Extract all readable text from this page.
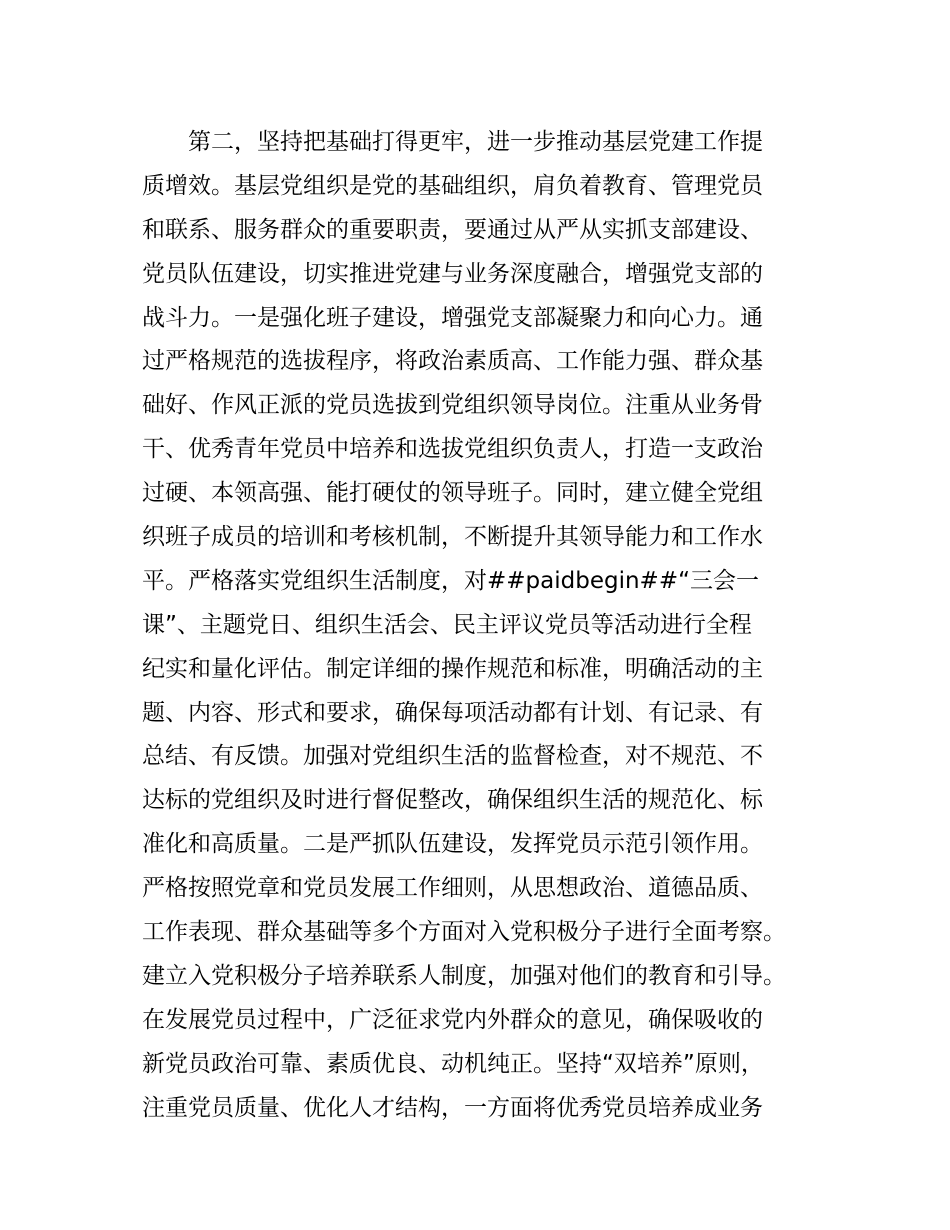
第二，坚持把基础打得更牢，进一步推动基层党建工作提
质增效。基层党组织是党的基础组织，肩负着教育、管理党员
和联系、服务群众的重要职责，要通过从严从实抓支部建设、
党员队伍建设，切实推进党建与业务深度融合，增强党支部的
战斗力。一是强化班子建设，增强党支部凝聚力和向心力。通
过严格规范的选拔程序，将政治素质高、工作能力强、群众基
础好、作风正派的党员选拔到党组织领导岗位。注重从业务骨
干、优秀青年党员中培养和选拔党组织负责人，打造一支政治
过硬、本领高强、能打硬仗的领导班子。同时，建立健全党组
织班子成员的培训和考核机制，不断提升其领导能力和工作水
平。严格落实党组织生活制度，对##paidbegin##“三会一
课”、主题党日、组织生活会、民主评议党员等活动进行全程
纪实和量化评估。制定详细的操作规范和标准，明确活动的主
题、内容、形式和要求，确保每项活动都有计划、有记录、有
总结、有反馈。加强对党组织生活的监督检查，对不规范、不
达标的党组织及时进行督促整改，确保组织生活的规范化、标
准化和高质量。二是严抓队伍建设，发挥党员示范引领作用。
严格按照党章和党员发展工作细则，从思想政治、道德品质、
工作表现、群众基础等多个方面对入党积极分子进行全面考察。
建立入党积极分子培养联系人制度，加强对他们的教育和引导。
在发展党员过程中，广泛征求党内外群众的意见，确保吸收的
新党员政治可靠、素质优良、动机纯正。坚持“双培养”原则，
注重党员质量、优化人才结构，一方面将优秀党员培养成业务
